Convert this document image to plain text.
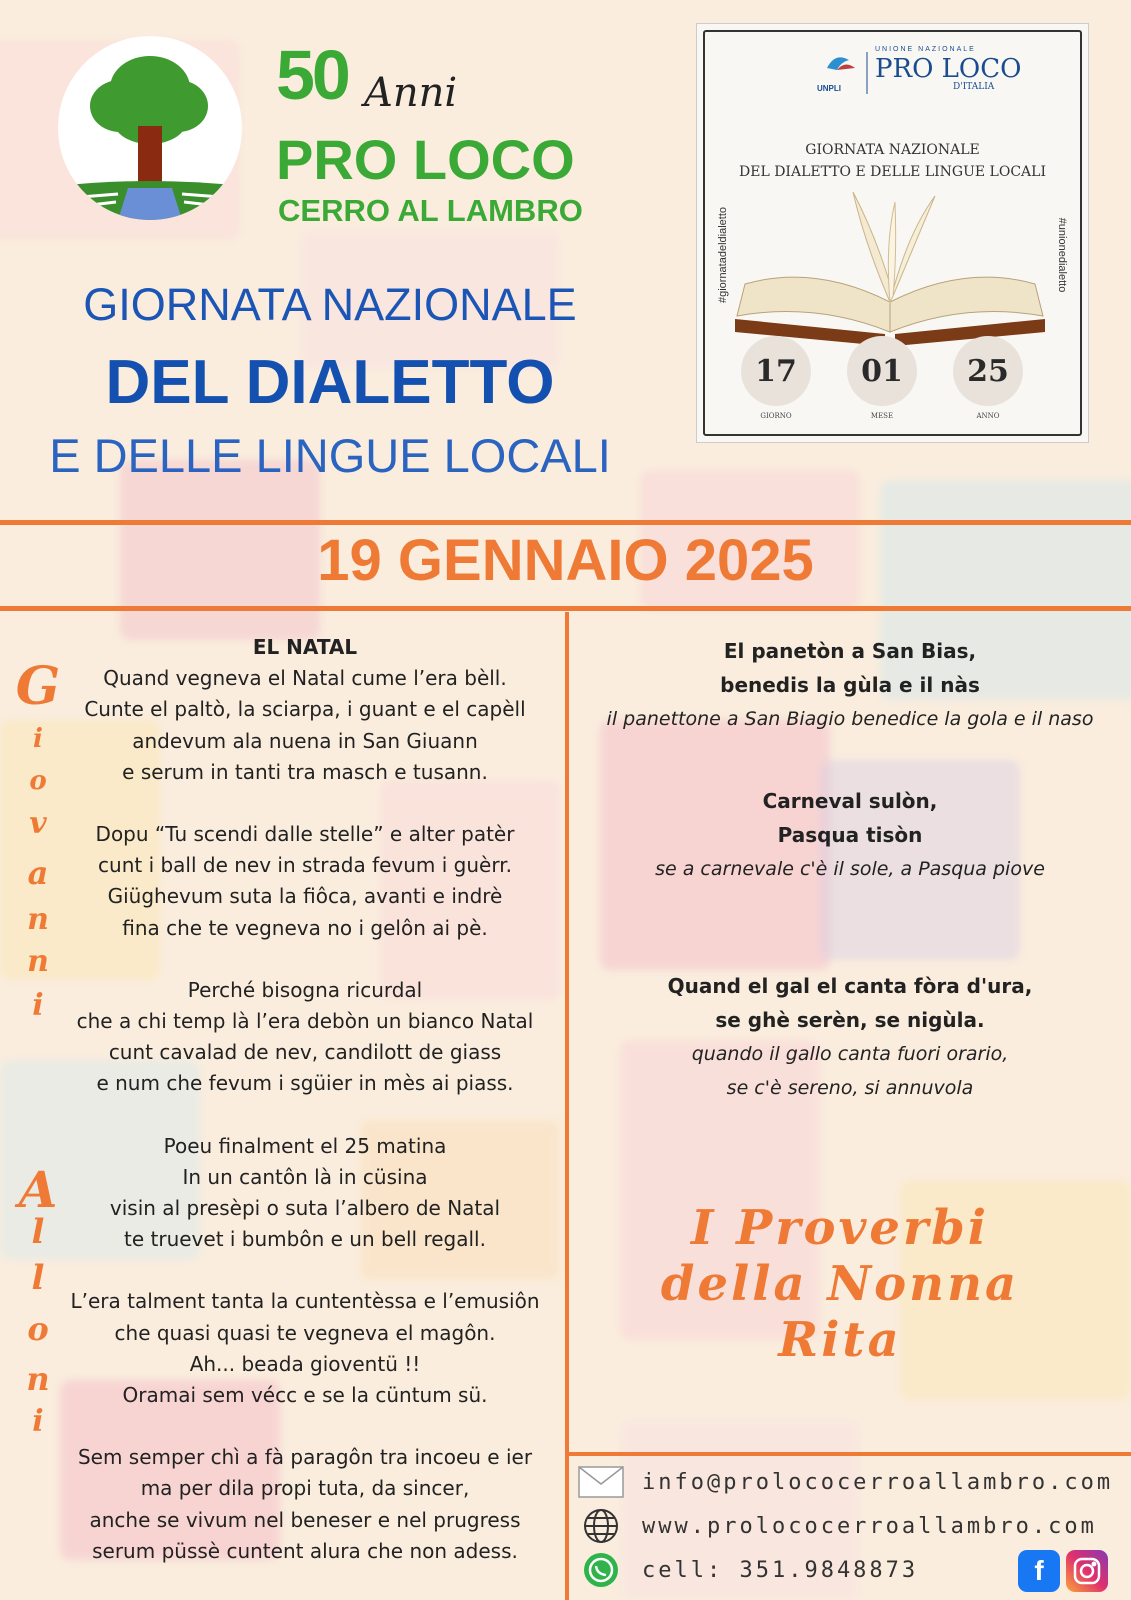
50 Anni
PRO LOCO
CERRO AL LAMBRO
GIORNATA NAZIONALE
DEL DIALETTO
E DELLE LINGUE LOCALI
UNPLI
UNIONE NAZIONALE
PRO LOCO
D'ITALIA
GIORNATA NAZIONALE
DEL DIALETTO E DELLE LINGUE LOCALI
#giornatadeldialetto	#unionedialetto
17
GIORNO
01
MESE
25
ANNO
19 GENNAIO 2025
G
i
o
v
a
n
n
i
A
l
l
o
n
i
EL NATAL
Quand vegneva el Natal cume l’era bèll.
Cunte el paltò, la sciarpa, i guant e el capèll
andevum ala nuena in San Giuann
e serum in tanti tra masch e tusann.
Dopu “Tu scendi dalle stelle” e alter patèr
cunt i ball de nev in strada fevum i guèrr.
Giüghevum suta la fiôca, avanti e indrè
fina che te vegneva no i gelôn ai pè.
Perché bisogna ricurdal
che a chi temp là l’era debòn un bianco Natal
cunt cavalad de nev, candilott de giass
e num che fevum i sgüier in mès ai piass.
Poeu finalment el 25 matina
In un cantôn là in cüsina
visin al presèpi o suta l’albero de Natal
te truevet i bumbôn e un bell regall.
L’era talment tanta la cuntentèssa e l’emusiôn
che quasi quasi te vegneva el magôn.
Ah... beada gioventü !!
Oramai sem vécc e se la cüntum sü.
Sem semper chì a fà paragôn tra incoeu e ier
ma per dila propi tuta, da sincer,
anche se vivum nel beneser e nel prugress
serum püssè cuntent alura che non adess.
El panetòn a San Bias,
benedis la gùla e il nàs
il panettone a San Biagio benedice la gola e il naso
Carneval sulòn,
Pasqua tisòn
se a carnevale c'è il sole, a Pasqua piove
Quand el gal el canta fòra d'ura,
se ghè serèn, se nigùla.
quando il gallo canta fuori orario,
se c'è sereno, si annuvola
I Proverbi
della Nonna
Rita
info@prolococerroallambro.com
www.prolococerroallambro.com
cell: 351.9848873	f
